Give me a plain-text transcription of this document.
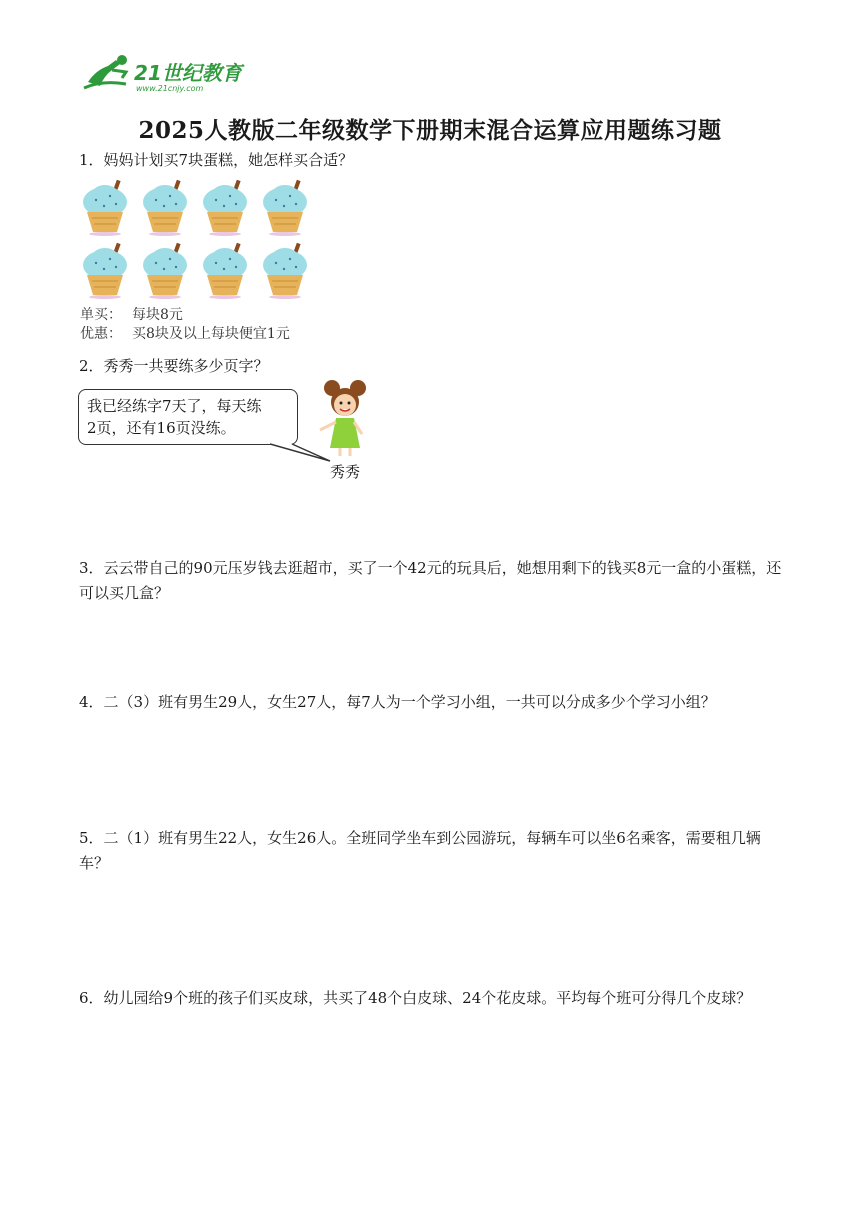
21世纪教育
www.21cnjy.com
2025人教版二年级数学下册期末混合运算应用题练习题
1．妈妈计划买7块蛋糕，她怎样买合适？
单买： 每块8元
优惠： 买8块及以上每块便宜1元
2．秀秀一共要练多少页字？
我已经练字7天了，每天练
2页，还有16页没练。
秀秀
3．云云带自己的90元压岁钱去逛超市，买了一个42元的玩具后，她想用剩下的钱买8元一盒的小蛋糕，还可以买几盒？
4．二（3）班有男生29人，女生27人，每7人为一个学习小组，一共可以分成多少个学习小组？
5．二（1）班有男生22人，女生26人。全班同学坐车到公园游玩，每辆车可以坐6名乘客，需要租几辆车？
6．幼儿园给9个班的孩子们买皮球，共买了48个白皮球、24个花皮球。平均每个班可分得几个皮球？
